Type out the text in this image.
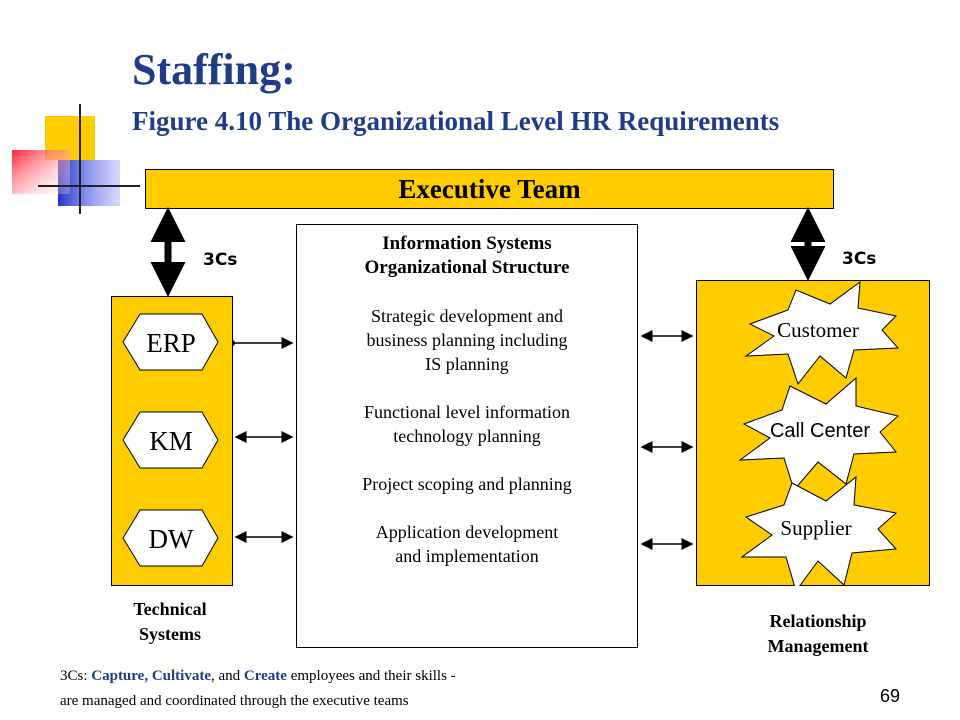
Staffing:
Figure 4.10 The Organizational Level HR Requirements
Executive Team
3Cs	3Cs
ERP
KM
DW
Technical
Systems
Information Systems
Organizational Structure
Strategic development and
business planning including
IS planning
Functional level information
technology planning
Project scoping and planning
Application development
and implementation
Customer
Call Center
Supplier
Relationship
Management
3Cs: Capture, Cultivate, and Create employees and their skills -
are managed and coordinated through the executive teams	69
